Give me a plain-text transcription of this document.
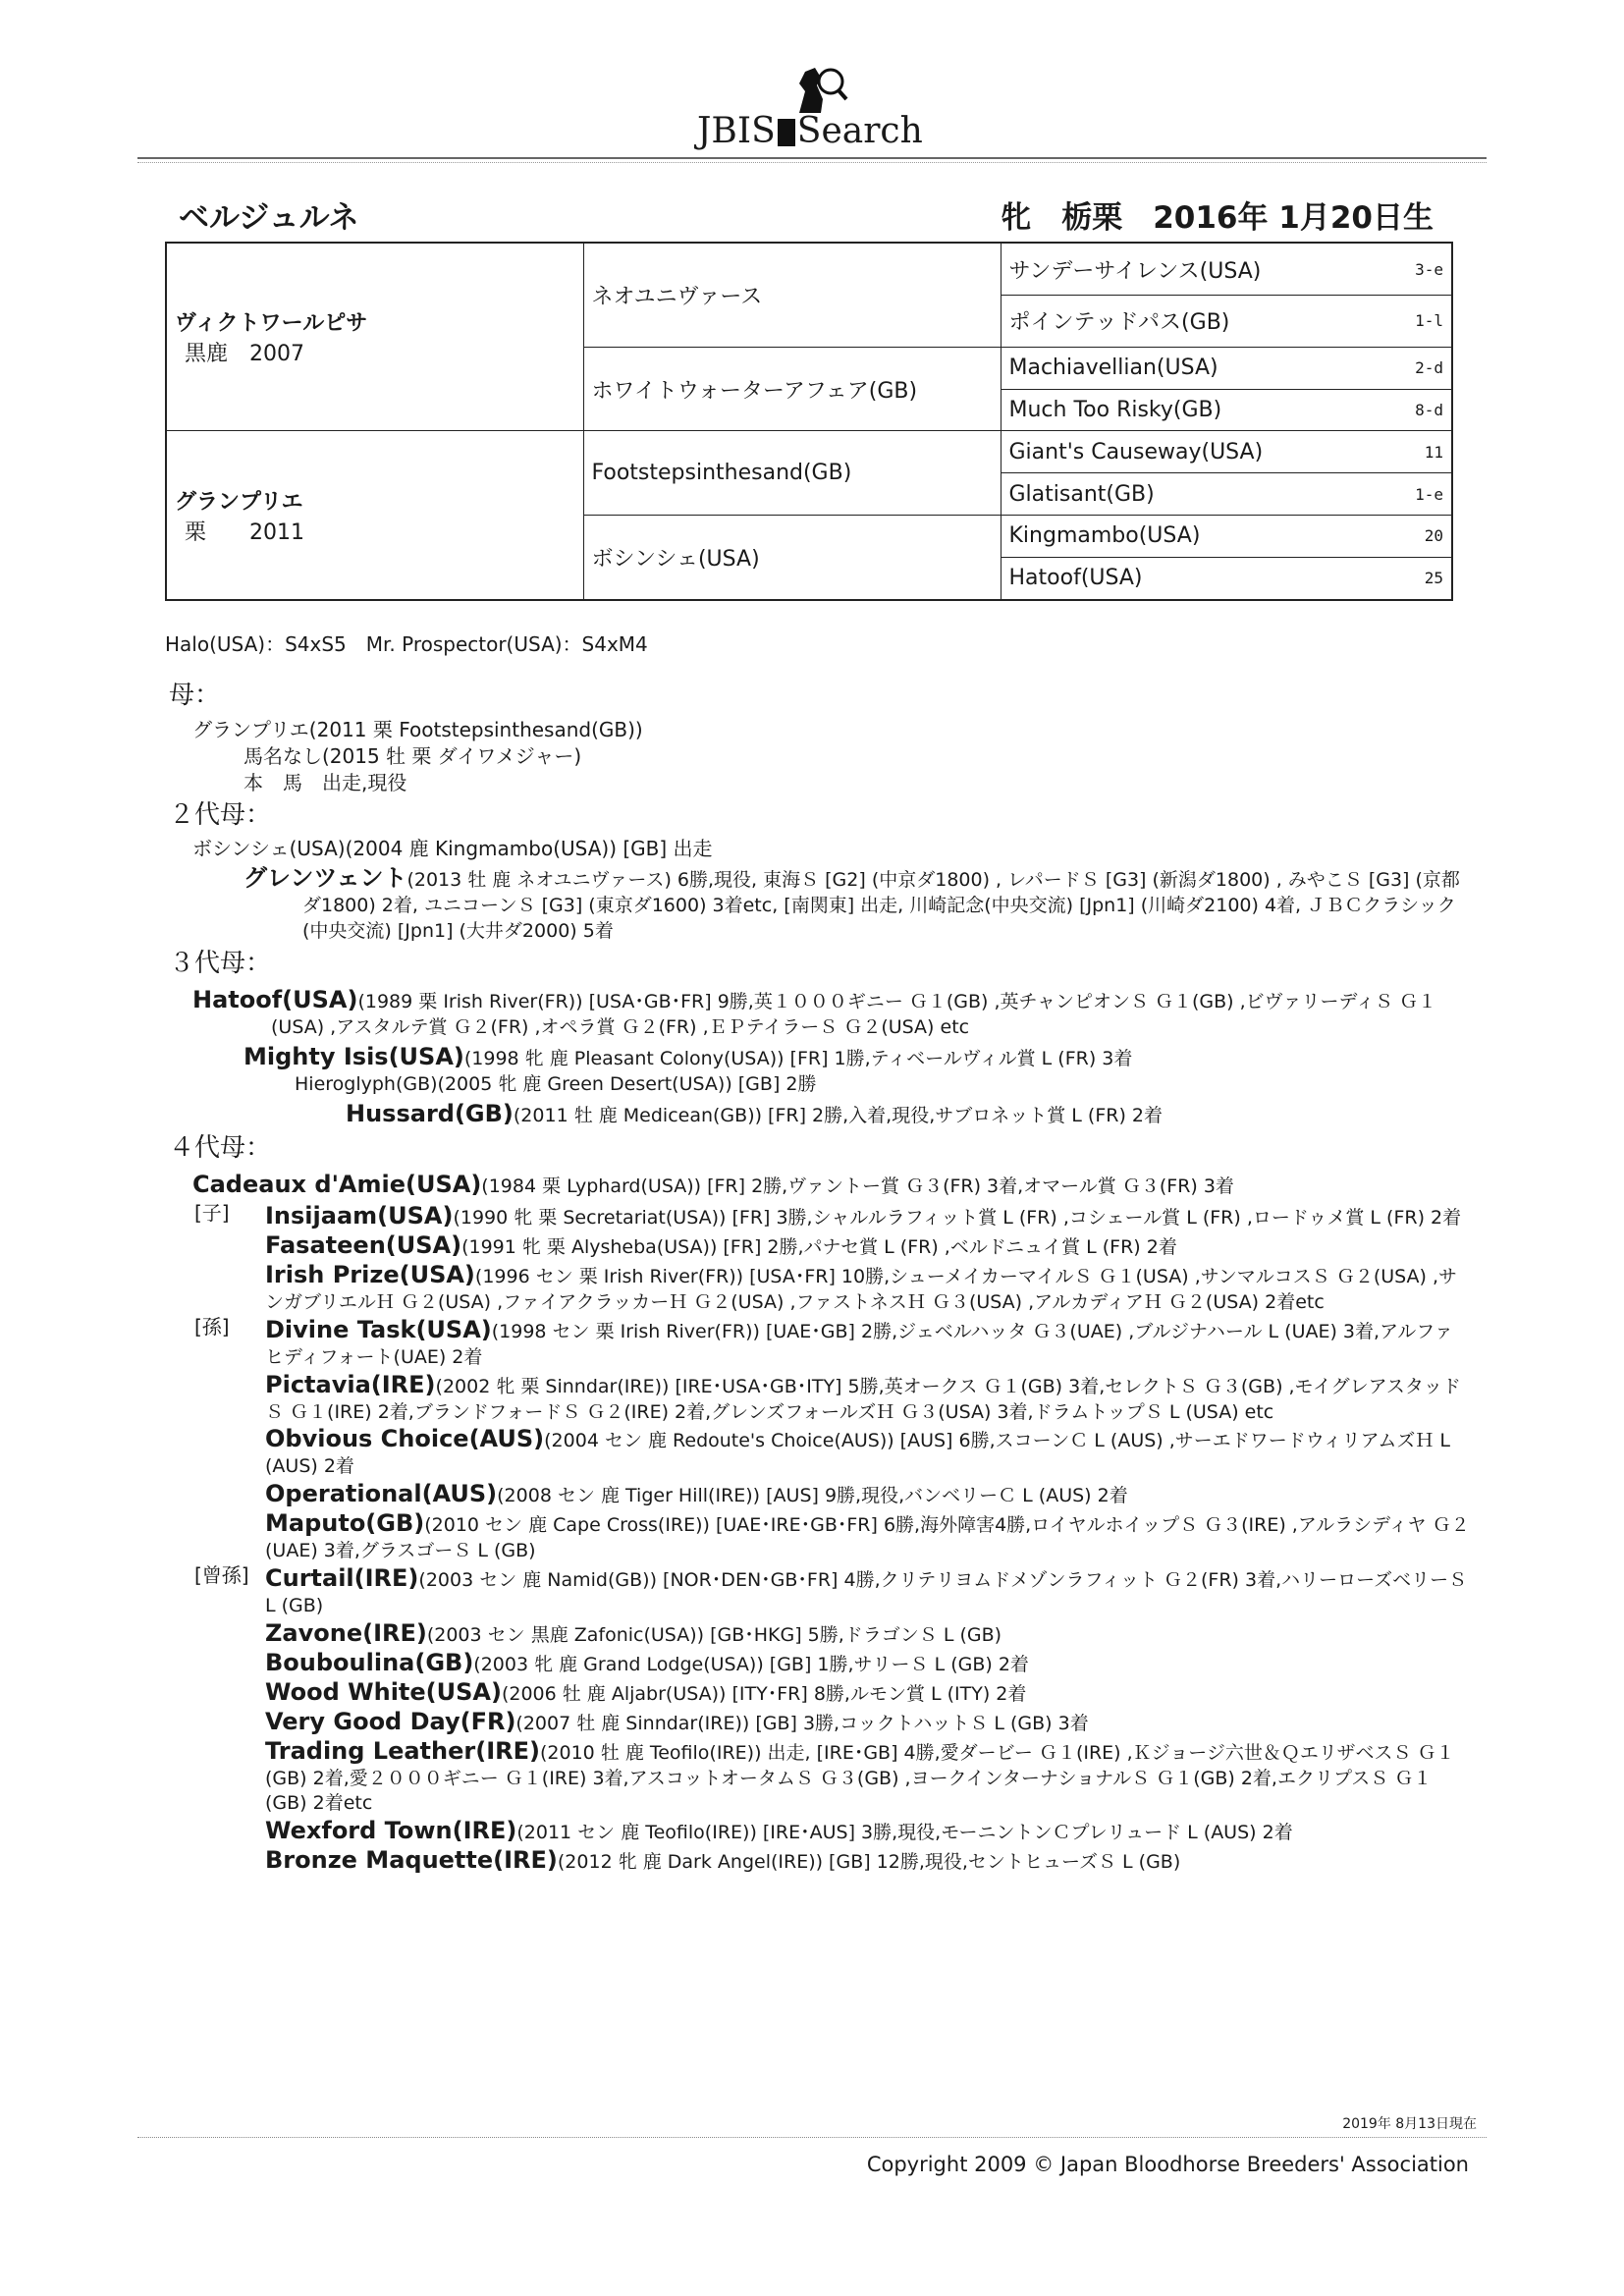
JBIS Search
ベルジュルネ	牝　栃栗　2016年 1月20日生
ヴィクトワールピサ
黒鹿　2007	ネオユニヴァース	サンデーサイレンス(USA)	3-e
		ポインテッドパス(GB)	1-l
	ホワイトウォーターアフェア(GB)	Machiavellian(USA)	2-d
		Much Too Risky(GB)	8-d

グランプリエ
栗　　2011	Footstepsinthesand(GB)	Giant's Causeway(USA)	11
		Glatisant(GB)	1-e
	ボシンシェ(USA)	Kingmambo(USA)	20
		Hatoof(USA)	25
Halo(USA)：S4xS5　Mr. Prospector(USA)：S4xM4
母：
グランプリエ(2011 栗 Footstepsinthesand(GB))
馬名なし(2015 牡 栗 ダイワメジャー)
本　馬　出走,現役
２代母：
ボシンシェ(USA)(2004 鹿 Kingmambo(USA)) [GB] 出走
グレンツェント(2013 牡 鹿 ネオユニヴァース) 6勝,現役, 東海Ｓ [G2] (中京ダ1800) , レパードＳ [G3] (新潟ダ1800) , みやこＳ [G3] (京都ダ1800) 2着, ユニコーンＳ [G3] (東京ダ1600) 3着etc, [南関東] 出走, 川崎記念(中央交流) [Jpn1] (川崎ダ2100) 4着, ＪＢＣクラシック(中央交流) [Jpn1] (大井ダ2000) 5着
３代母：
Hatoof(USA)(1989 栗 Irish River(FR)) [USA･GB･FR] 9勝,英１０００ギニー Ｇ１(GB) ,英チャンピオンＳ Ｇ１(GB) ,ビヴァリーディＳ Ｇ１(USA) ,アスタルテ賞 Ｇ２(FR) ,オペラ賞 Ｇ２(FR) ,ＥＰテイラーＳ Ｇ２(USA) etc
Mighty Isis(USA)(1998 牝 鹿 Pleasant Colony(USA)) [FR] 1勝,ティベールヴィル賞 L (FR) 3着
Hieroglyph(GB)(2005 牝 鹿 Green Desert(USA)) [GB] 2勝
Hussard(GB)(2011 牡 鹿 Medicean(GB)) [FR] 2勝,入着,現役,サブロネット賞 L (FR) 2着
４代母：
Cadeaux d'Amie(USA)(1984 栗 Lyphard(USA)) [FR] 2勝,ヴァントー賞 Ｇ３(FR) 3着,オマール賞 Ｇ３(FR) 3着
[子]	Insijaam(USA)(1990 牝 栗 Secretariat(USA)) [FR] 3勝,シャルルラフィット賞 L (FR) ,コシェール賞 L (FR) ,ロードゥメ賞 L (FR) 2着
Fasateen(USA)(1991 牝 栗 Alysheba(USA)) [FR] 2勝,パナセ賞 L (FR) ,ベルドニュイ賞 L (FR) 2着
Irish Prize(USA)(1996 セン 栗 Irish River(FR)) [USA･FR] 10勝,シューメイカーマイルＳ Ｇ１(USA) ,サンマルコスＳ Ｇ２(USA) ,サンガブリエルＨ Ｇ２(USA) ,ファイアクラッカーＨ Ｇ２(USA) ,ファストネスＨ Ｇ３(USA) ,アルカディアＨ Ｇ２(USA) 2着etc
[孫]	Divine Task(USA)(1998 セン 栗 Irish River(FR)) [UAE･GB] 2勝,ジェベルハッタ Ｇ３(UAE) ,ブルジナハール L (UAE) 3着,アルファヒディフォート(UAE) 2着
Pictavia(IRE)(2002 牝 栗 Sinndar(IRE)) [IRE･USA･GB･ITY] 5勝,英オークス Ｇ１(GB) 3着,セレクトＳ Ｇ３(GB) ,モイグレアスタッドＳ Ｇ１(IRE) 2着,ブランドフォードＳ Ｇ２(IRE) 2着,グレンズフォールズＨ Ｇ３(USA) 3着,ドラムトップＳ L (USA) etc
Obvious Choice(AUS)(2004 セン 鹿 Redoute's Choice(AUS)) [AUS] 6勝,スコーンＣ L (AUS) ,サーエドワードウィリアムズＨ L (AUS) 2着
Operational(AUS)(2008 セン 鹿 Tiger Hill(IRE)) [AUS] 9勝,現役,バンベリーＣ L (AUS) 2着
Maputo(GB)(2010 セン 鹿 Cape Cross(IRE)) [UAE･IRE･GB･FR] 6勝,海外障害4勝,ロイヤルホイップＳ Ｇ３(IRE) ,アルラシディヤ Ｇ２(UAE) 3着,グラスゴーＳ L (GB)
[曾孫] Curtail(IRE)(2003 セン 鹿 Namid(GB)) [NOR･DEN･GB･FR] 4勝,クリテリヨムドメゾンラフィット Ｇ２(FR) 3着,ハリーローズベリーＳ L (GB)
Zavone(IRE)(2003 セン 黒鹿 Zafonic(USA)) [GB･HKG] 5勝,ドラゴンＳ L (GB)
Bouboulina(GB)(2003 牝 鹿 Grand Lodge(USA)) [GB] 1勝,サリーＳ L (GB) 2着
Wood White(USA)(2006 牡 鹿 Aljabr(USA)) [ITY･FR] 8勝,ルモン賞 L (ITY) 2着
Very Good Day(FR)(2007 牡 鹿 Sinndar(IRE)) [GB] 3勝,コックトハットＳ L (GB) 3着
Trading Leather(IRE)(2010 牡 鹿 Teofilo(IRE)) 出走, [IRE･GB] 4勝,愛ダービー Ｇ１(IRE) ,Ｋジョージ六世＆ＱエリザベスＳ Ｇ１(GB) 2着,愛２０００ギニー Ｇ１(IRE) 3着,アスコットオータムＳ Ｇ３(GB) ,ヨークインターナショナルＳ Ｇ１(GB) 2着,エクリプスＳ Ｇ１(GB) 2着etc
Wexford Town(IRE)(2011 セン 鹿 Teofilo(IRE)) [IRE･AUS] 3勝,現役,モーニントンＣプレリュード L (AUS) 2着
Bronze Maquette(IRE)(2012 牝 鹿 Dark Angel(IRE)) [GB] 12勝,現役,セントヒューズＳ L (GB)
2019年 8月13日現在
Copyright 2009 © Japan Bloodhorse Breeders' Association
